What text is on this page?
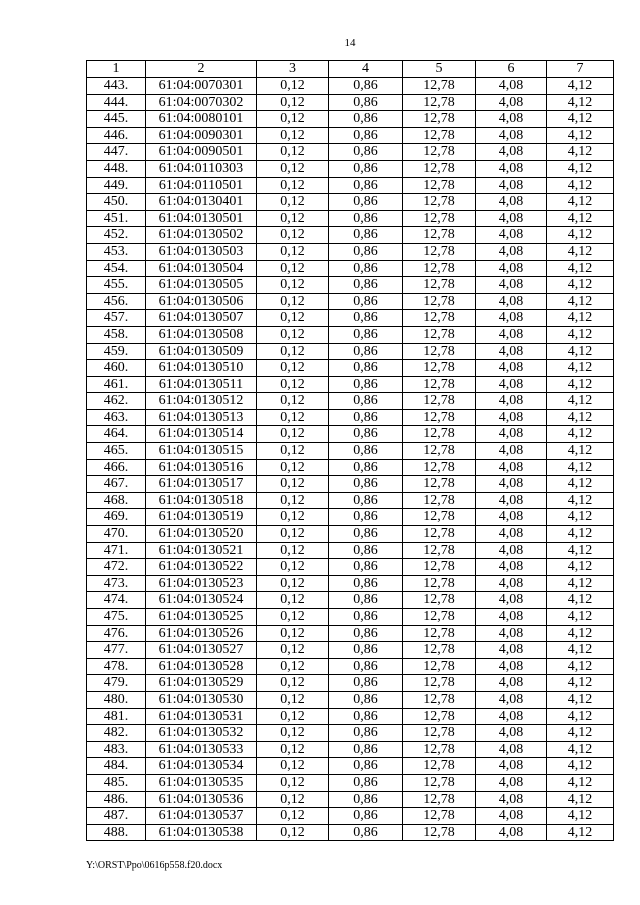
14
1	2	3	4	5	6	7
443.	61:04:0070301	0,12	0,86	12,78	4,08	4,12
444.	61:04:0070302	0,12	0,86	12,78	4,08	4,12
445.	61:04:0080101	0,12	0,86	12,78	4,08	4,12
446.	61:04:0090301	0,12	0,86	12,78	4,08	4,12
447.	61:04:0090501	0,12	0,86	12,78	4,08	4,12
448.	61:04:0110303	0,12	0,86	12,78	4,08	4,12
449.	61:04:0110501	0,12	0,86	12,78	4,08	4,12
450.	61:04:0130401	0,12	0,86	12,78	4,08	4,12
451.	61:04:0130501	0,12	0,86	12,78	4,08	4,12
452.	61:04:0130502	0,12	0,86	12,78	4,08	4,12
453.	61:04:0130503	0,12	0,86	12,78	4,08	4,12
454.	61:04:0130504	0,12	0,86	12,78	4,08	4,12
455.	61:04:0130505	0,12	0,86	12,78	4,08	4,12
456.	61:04:0130506	0,12	0,86	12,78	4,08	4,12
457.	61:04:0130507	0,12	0,86	12,78	4,08	4,12
458.	61:04:0130508	0,12	0,86	12,78	4,08	4,12
459.	61:04:0130509	0,12	0,86	12,78	4,08	4,12
460.	61:04:0130510	0,12	0,86	12,78	4,08	4,12
461.	61:04:0130511	0,12	0,86	12,78	4,08	4,12
462.	61:04:0130512	0,12	0,86	12,78	4,08	4,12
463.	61:04:0130513	0,12	0,86	12,78	4,08	4,12
464.	61:04:0130514	0,12	0,86	12,78	4,08	4,12
465.	61:04:0130515	0,12	0,86	12,78	4,08	4,12
466.	61:04:0130516	0,12	0,86	12,78	4,08	4,12
467.	61:04:0130517	0,12	0,86	12,78	4,08	4,12
468.	61:04:0130518	0,12	0,86	12,78	4,08	4,12
469.	61:04:0130519	0,12	0,86	12,78	4,08	4,12
470.	61:04:0130520	0,12	0,86	12,78	4,08	4,12
471.	61:04:0130521	0,12	0,86	12,78	4,08	4,12
472.	61:04:0130522	0,12	0,86	12,78	4,08	4,12
473.	61:04:0130523	0,12	0,86	12,78	4,08	4,12
474.	61:04:0130524	0,12	0,86	12,78	4,08	4,12
475.	61:04:0130525	0,12	0,86	12,78	4,08	4,12
476.	61:04:0130526	0,12	0,86	12,78	4,08	4,12
477.	61:04:0130527	0,12	0,86	12,78	4,08	4,12
478.	61:04:0130528	0,12	0,86	12,78	4,08	4,12
479.	61:04:0130529	0,12	0,86	12,78	4,08	4,12
480.	61:04:0130530	0,12	0,86	12,78	4,08	4,12
481.	61:04:0130531	0,12	0,86	12,78	4,08	4,12
482.	61:04:0130532	0,12	0,86	12,78	4,08	4,12
483.	61:04:0130533	0,12	0,86	12,78	4,08	4,12
484.	61:04:0130534	0,12	0,86	12,78	4,08	4,12
485.	61:04:0130535	0,12	0,86	12,78	4,08	4,12
486.	61:04:0130536	0,12	0,86	12,78	4,08	4,12
487.	61:04:0130537	0,12	0,86	12,78	4,08	4,12
488.	61:04:0130538	0,12	0,86	12,78	4,08	4,12
Y:\ORST\Ppo\0616p558.f20.docx
